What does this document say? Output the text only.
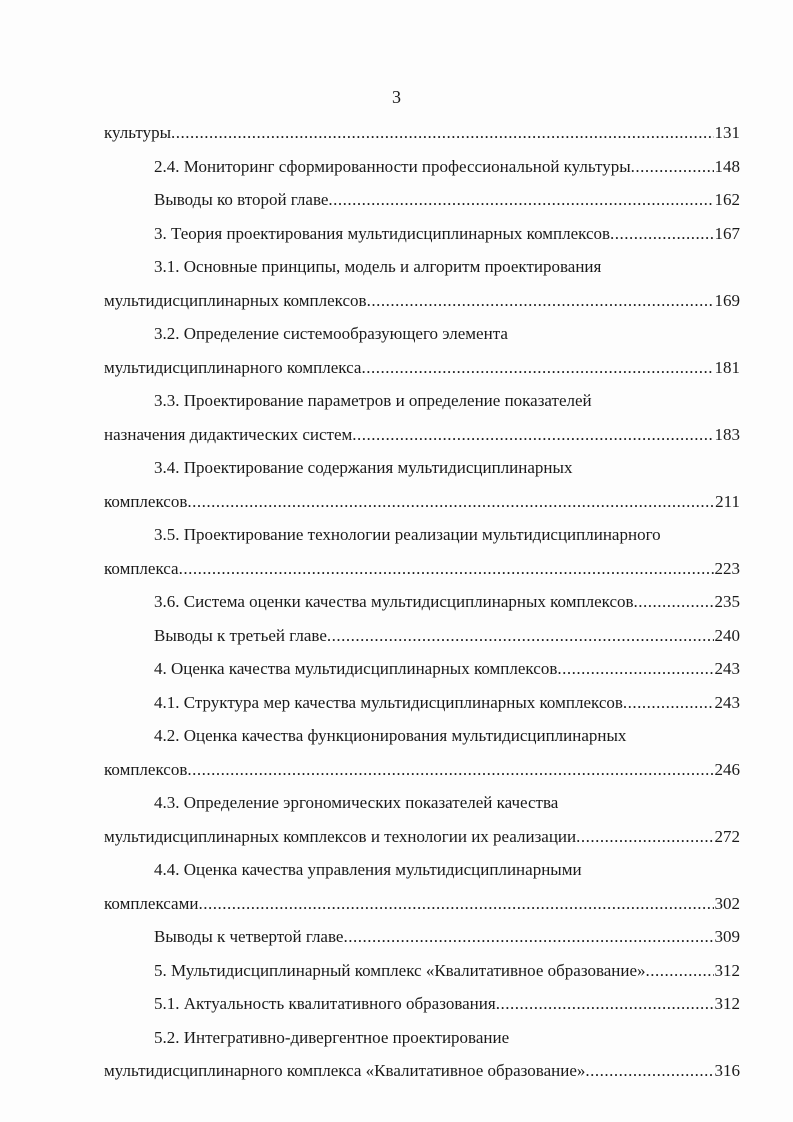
3
культуры .....	131
2.4. Мониторинг сформированности профессиональной культуры .....	148
Выводы ко второй главе .....	162
3. Теория проектирования мультидисциплинарных комплексов .....	167
3.1. Основные принципы, модель и алгоритм проектирования
мультидисциплинарных комплексов .....	169
3.2. Определение системообразующего элемента
мультидисциплинарного комплекса .....	181
3.3. Проектирование параметров и определение показателей
назначения дидактических систем .....	183
3.4. Проектирование содержания мультидисциплинарных
комплексов .....	211
3.5. Проектирование технологии реализации мультидисциплинарного
комплекса .....	223
3.6. Система оценки качества мультидисциплинарных комплексов .....	235
Выводы к третьей главе .....	240
4. Оценка качества мультидисциплинарных комплексов .....	243
4.1. Структура мер качества мультидисциплинарных комплексов .....	243
4.2. Оценка качества функционирования мультидисциплинарных
комплексов .....	246
4.3. Определение эргономических показателей качества
мультидисциплинарных комплексов и технологии их реализации .....	272
4.4. Оценка качества управления мультидисциплинарными
комплексами .....	302
Выводы к четвертой главе .....	309
5. Мультидисциплинарный комплекс «Квалитативное образование» .....	312
5.1. Актуальность квалитативного образования .....	312
5.2. Интегративно-дивергентное проектирование
мультидисциплинарного комплекса «Квалитативное образование» .....	316
